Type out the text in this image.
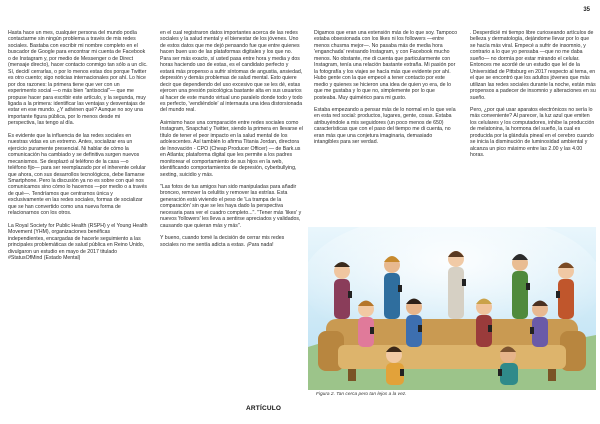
35

Hasta hace un mes, cualquier persona del mundo podía contactarme sin ningún problema a través de mis redes sociales. Bastaba con escribir mi nombre completo en el buscador de Google para encontrar mi cuenta de Facebook o de Instagram y, por medio de Messenger o de Direct (mensaje directo), hacer contacto conmigo tan sólo a un clic. Sí, decidí cerrarlas, o por lo menos estas dos porque Twitter es otro cuento; sigo noticias internacionales por ahí. Lo hice por dos razones: la primera tiene que ver con un experimento social —o más bien "antisocial"— que me propuse hacer para escribir este artículo, y la segunda, muy ligada a la primera: identificar las ventajas y desventajas de estar en ese mundo. ¿Y adivinen qué? Aunque no soy una importante figura pública, por lo menos desde mi perspectiva, las tengo al día.

Es evidente que la influencia de las redes sociales en nuestras vidas es un extremo. Antes, socializar era un ejercicio puramente presencial. Ni hablar de cómo la comunicación ha cambiado y se definitiva surgen nuevos mecanismos. Se desplazó al teléfono de la casa —o teléfono fijo— para ser reemplazado por el inherente celular que ahora, con sus desarrollos tecnológicos, debe llamarse Smartphone. Pero la discusión ya no es sobre con qué nos comunicamos sino cómo lo hacemos —por medio o a través de qué—. Tendríamos que centrarnos única y exclusivamente en las redes sociales, formas de socializar que se han convertido como una nueva forma de relacionarnos con los otros.

La Royal Society for Public Health (RSPH) y el Young Health Movement (YHM), organizaciones benéficas independientes, encargadas de hacerle seguimiento a las principales problemáticas de salud pública en Reino Unido, divulgaron un estudio en mayo de 2017 titulado #StatusOfMind (Estado Mental)

en el cual registraron datos importantes acerca de las redes sociales y la salud mental y el bienestar de los jóvenes. Uno de estos datos que me dejó pensando fue que entre quienes hacen buen uso de las plataformas digitales y los que no. Para ser más exacto, sí usted pasa entre hora y media y dos horas haciendo uso de estas, es el candidato perfecto y estará más propenso a sufrir síntomas de angustia, ansiedad, depresión y demás problemas de salud mental. Esto quiere decir que dependiendo del uso excesivo que se les dé, estas ejercen una presión psicológica bastante alta en sus usuarios al hacer de este mundo virtual uno paralelo donde todo y todo es perfecto, 'vendiéndole' al internauta una idea distorsionada del mundo real.

Asimismo hace una comparación entre redes sociales como Instagram, Snapchat y Twitter, siendo la primera en llevarse el título de tener el peor impacto en la salud mental de los adolescentes. Así también lo afirma Titania Jordan, directora de Innovación - CPO (Cheap Producer Officer) — de Bark.us en Atlanta; plataforma digital que les permite a los padres monitorear el comportamiento de sus hijos en la web, identificando comportamientos de depresión, cyberbullying, sexting, suicidio y más.

"Las fotos de tus amigos han sido manipuladas para añadir bronceo, remover la celulitis y remover las estrías. Esta generación está viviendo el peso de 'La trampa de la comparación' sin que se les haya dado la perspectiva necesaria para ver el cuadro completo...". "Tener más 'likes' y nuevos 'followers' les lleva a sentirse apreciados y validados, causando que quieran más y más".

Y bueno, cuando tomé la decisión de cerrar mis redes sociales no me sentía adicta a estas. ¡Para nada!

Digamos que eran una extensión más de lo que soy. Tampoco estaba obsesionada con los likes ni los followers —entre menos chusma mejor—. No pasaba más de media hora 'enganchada' revisando Instagram, y con Facebook mucho menos. No obstante, me di cuenta que particularmente con Instagram, tenía una relación bastante extraña. Mi pasión por la fotografía y los viajes se hacía más que evidente por ahí. Hubo gente con la que empecé a tener contacto por este medio y quienes se hicieron una idea de quien yo era, de lo que me gustaba y lo que no, simplemente por lo que posteaba. Muy quimérico para mi gusto.

Estaba empezando a pensar más de lo normal en lo que veía en esta red social: productos, lugares, gente, cosas. Estaba atribuyéndole a mis seguidores (un poco menos de 650) características que con el paso del tiempo me di cuenta, no eran más que una conjetura imaginaria, demasiado intangibles para ser verdad.

. Desperdicié mi tiempo libre curioseando artículos de belleza y dermatología, dejándome llevar por lo que se hacía más viral. Empecé a sufrir de insomnio, y contrario a lo que yo pensaba —que no me daba sueño— no dormía por estar mirando el celular. Entonces me acordé de un estudio que leí de la Universidad de Pittsburg en 2017 respecto al tema, en el que se encontró que los adultos jóvenes que más utilizan las redes sociales durante la noche, están más propensos a padecer de insomnio y alteraciones en su sueño.

Pero, ¿por qué usar aparatos electrónicos no sería lo más conveniente? Al parecer, la luz azul que emiten los celulares y los computadores, inhibe la producción de melatonina, la hormona del sueño, la cual es producida por la glándula pineal en el cerebro cuando se inicia la disminución de luminosidad ambiental y alcanza un pico máximo entre las 2.00 y las 4.00 horas.

Figura 2. Tan cerca pero tan lejos a la vez.
ARTÍCULO
